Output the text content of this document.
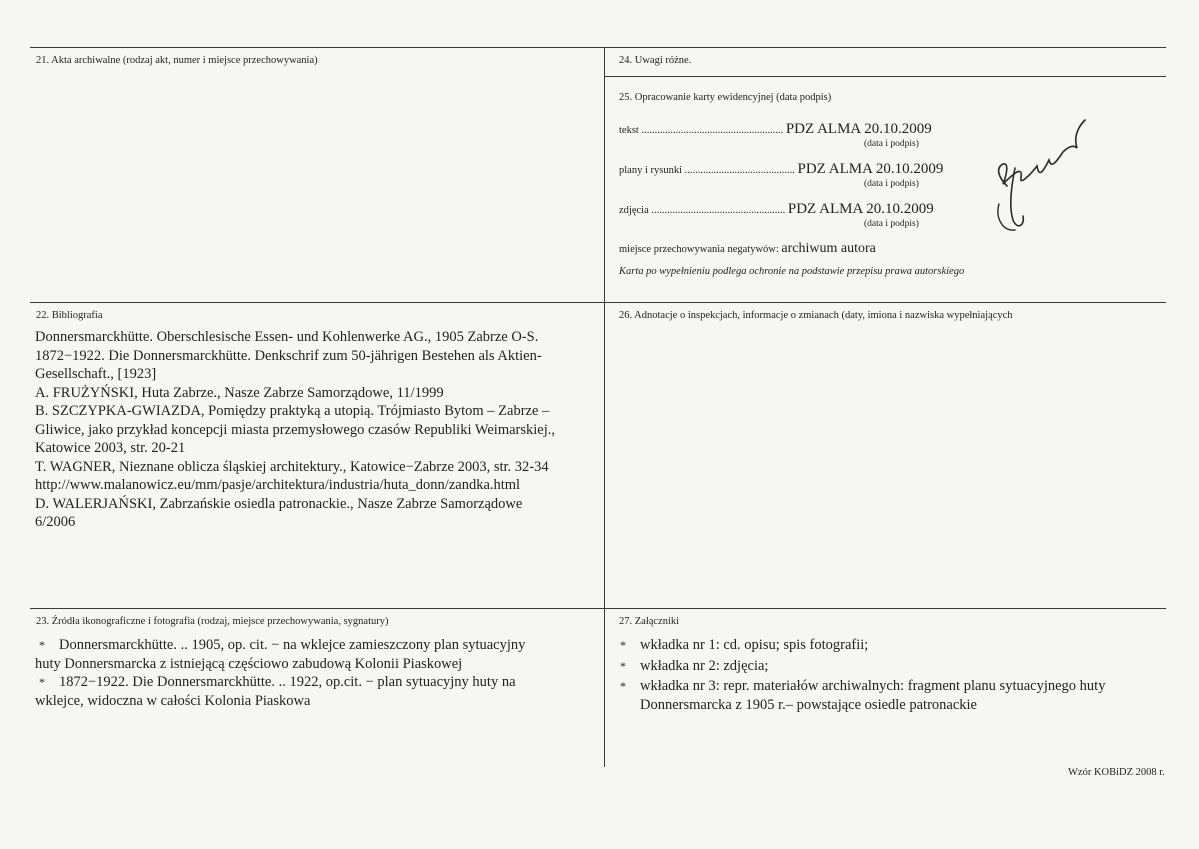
21. Akta archiwalne (rodzaj akt, numer i miejsce przechowywania)	24. Uwagi różne.
25. Opracowanie karty ewidencyjnej (data podpis)
tekst ...................................................... PDZ ALMA 20.10.2009
(data i podpis)
plany i rysunki .......................................... PDZ ALMA 20.10.2009
(data i podpis)
zdjęcia ................................................... PDZ ALMA 20.10.2009
(data i podpis)
miejsce przechowywania negatywów: archiwum autora
Karta po wypełnieniu podlega ochronie na podstawie przepisu prawa autorskiego
22. Bibliografia
Donnersmarckhütte. Oberschlesische Essen- und Kohlenwerke AG., 1905 Zabrze O-S.
1872−1922. Die Donnersmarckhütte. Denkschrif zum 50-jährigen Bestehen als Aktien-
Gesellschaft., [1923]
A. FRUŻYŃSKI, Huta Zabrze., Nasze Zabrze Samorządowe, 11/1999
B. SZCZYPKA-GWIAZDA, Pomiędzy praktyką a utopią. Trójmiasto Bytom – Zabrze –
Gliwice, jako przykład koncepcji miasta przemysłowego czasów Republiki Weimarskiej.,
Katowice 2003, str. 20-21
T. WAGNER, Nieznane oblicza śląskiej architektury., Katowice−Zabrze 2003, str. 32-34
http://www.malanowicz.eu/mm/pasje/architektura/industria/huta_donn/zandka.html
D. WALERJAŃSKI, Zabrzańskie osiedla patronackie., Nasze Zabrze Samorządowe
6/2006
26. Adnotacje o inspekcjach, informacje o zmianach (daty, imiona i nazwiska wypełniających
23. Źródła ikonograficzne i fotografia (rodzaj, miejsce przechowywania, sygnatury)
* Donnersmarckhütte. .. 1905, op. cit. − na wklejce zamieszczony plan sytuacyjny
huty Donnersmarcka z istniejącą częściowo zabudową Kolonii Piaskowej
* 1872−1922. Die Donnersmarckhütte. .. 1922, op.cit. − plan sytuacyjny huty na
wklejce, widoczna w całości Kolonia Piaskowa
27. Załączniki
* wkładka nr 1: cd. opisu; spis fotografii;
* wkładka nr 2: zdjęcia;
* wkładka nr 3: repr. materiałów archiwalnych: fragment planu sytuacyjnego huty
Donnersmarcka z 1905 r.– powstające osiedle patronackie
Wzór KOBiDZ 2008 r.
